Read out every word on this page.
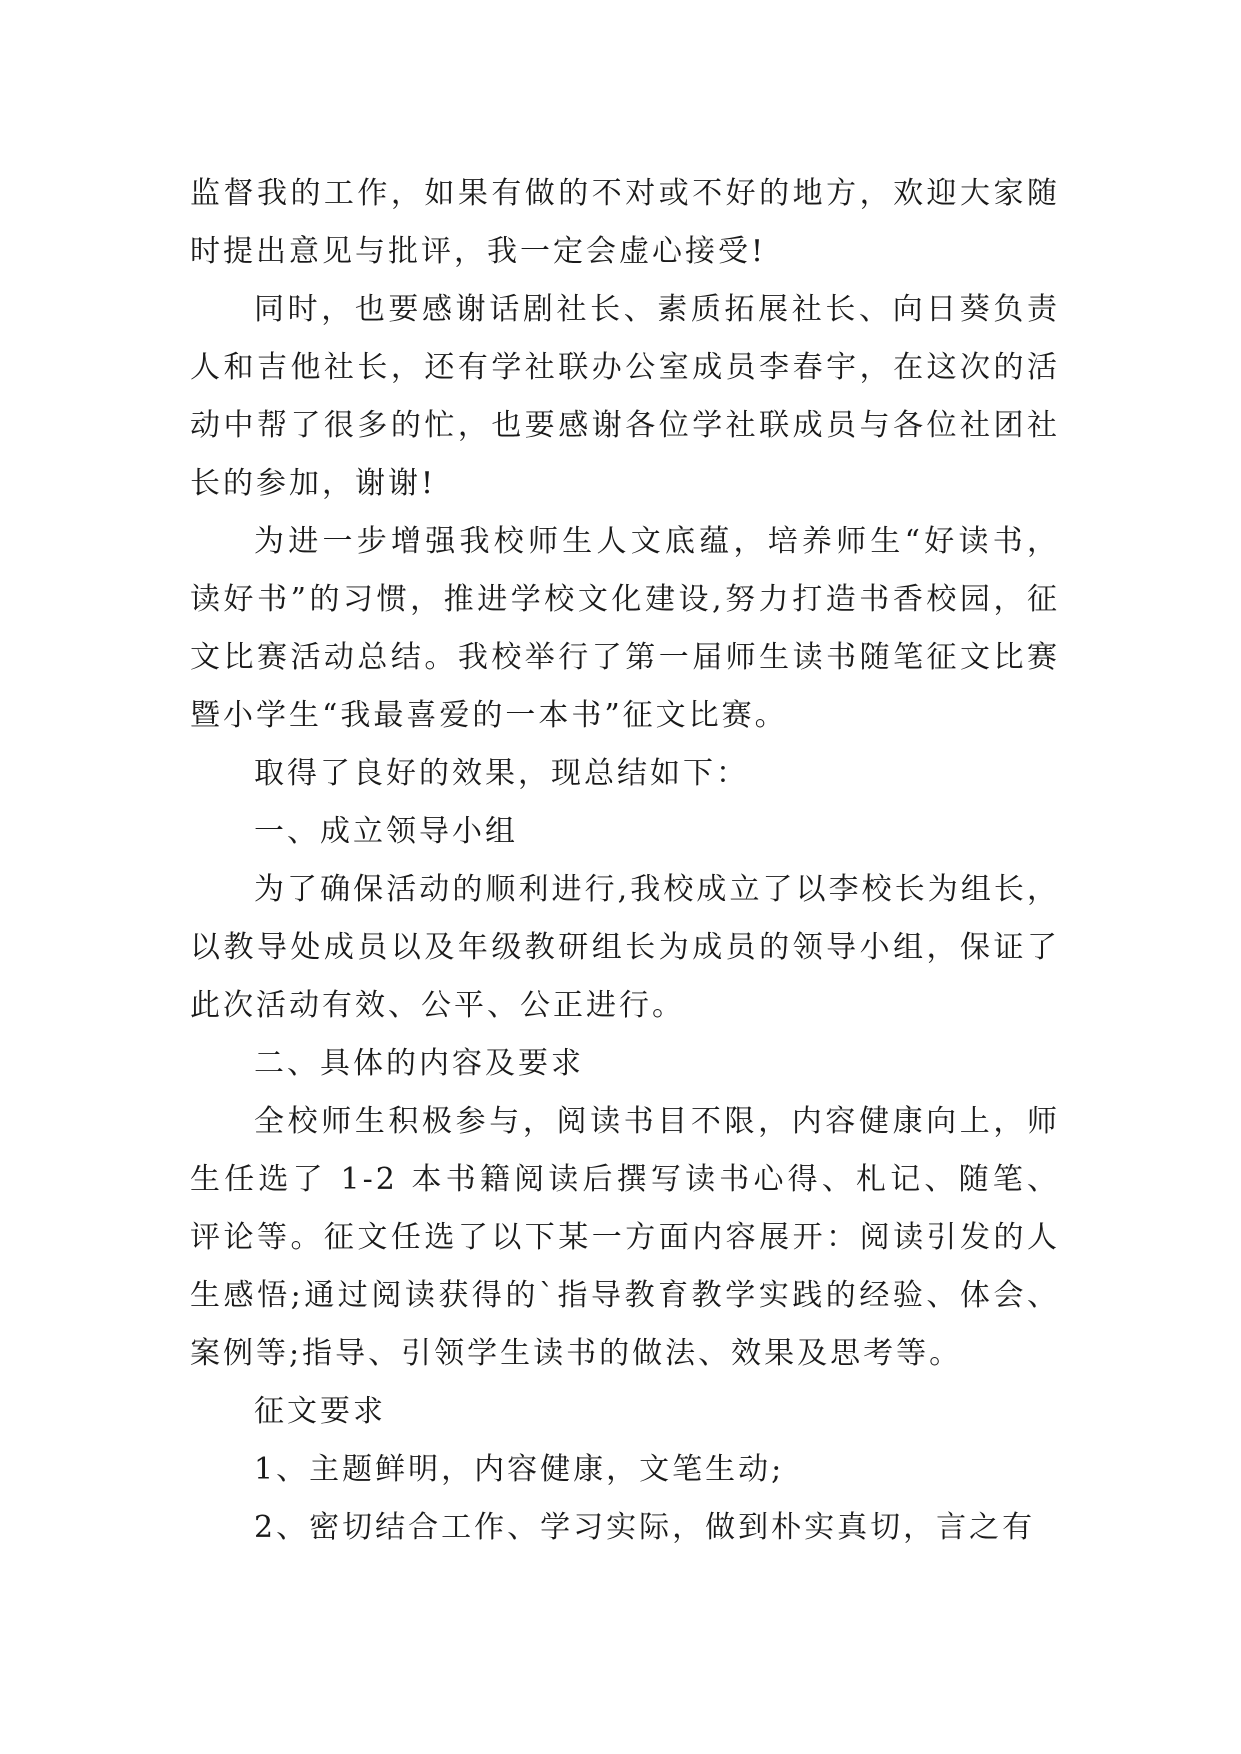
监督我的工作，如果有做的不对或不好的地方，欢迎大家随时提出意见与批评，我一定会虚心接受!

同时，也要感谢话剧社长、素质拓展社长、向日葵负责人和吉他社长，还有学社联办公室成员李春宇，在这次的活动中帮了很多的忙，也要感谢各位学社联成员与各位社团社长的参加，谢谢!

为进一步增强我校师生人文底蕴，培养师生“好读书，读好书”的习惯，推进学校文化建设,努力打造书香校园，征文比赛活动总结。我校举行了第一届师生读书随笔征文比赛暨小学生“我最喜爱的一本书”征文比赛。

取得了良好的效果，现总结如下：

一、成立领导小组

为了确保活动的顺利进行,我校成立了以李校长为组长，以教导处成员以及年级教研组长为成员的领导小组，保证了此次活动有效、公平、公正进行。

二、具体的内容及要求

全校师生积极参与，阅读书目不限，内容健康向上，师生任选了 1-2 本书籍阅读后撰写读书心得、札记、随笔、评论等。征文任选了以下某一方面内容展开：阅读引发的人生感悟;通过阅读获得的`指导教育教学实践的经验、体会、案例等;指导、引领学生读书的做法、效果及思考等。

征文要求

1、主题鲜明，内容健康，文笔生动;

2、密切结合工作、学习实际，做到朴实真切，言之有
